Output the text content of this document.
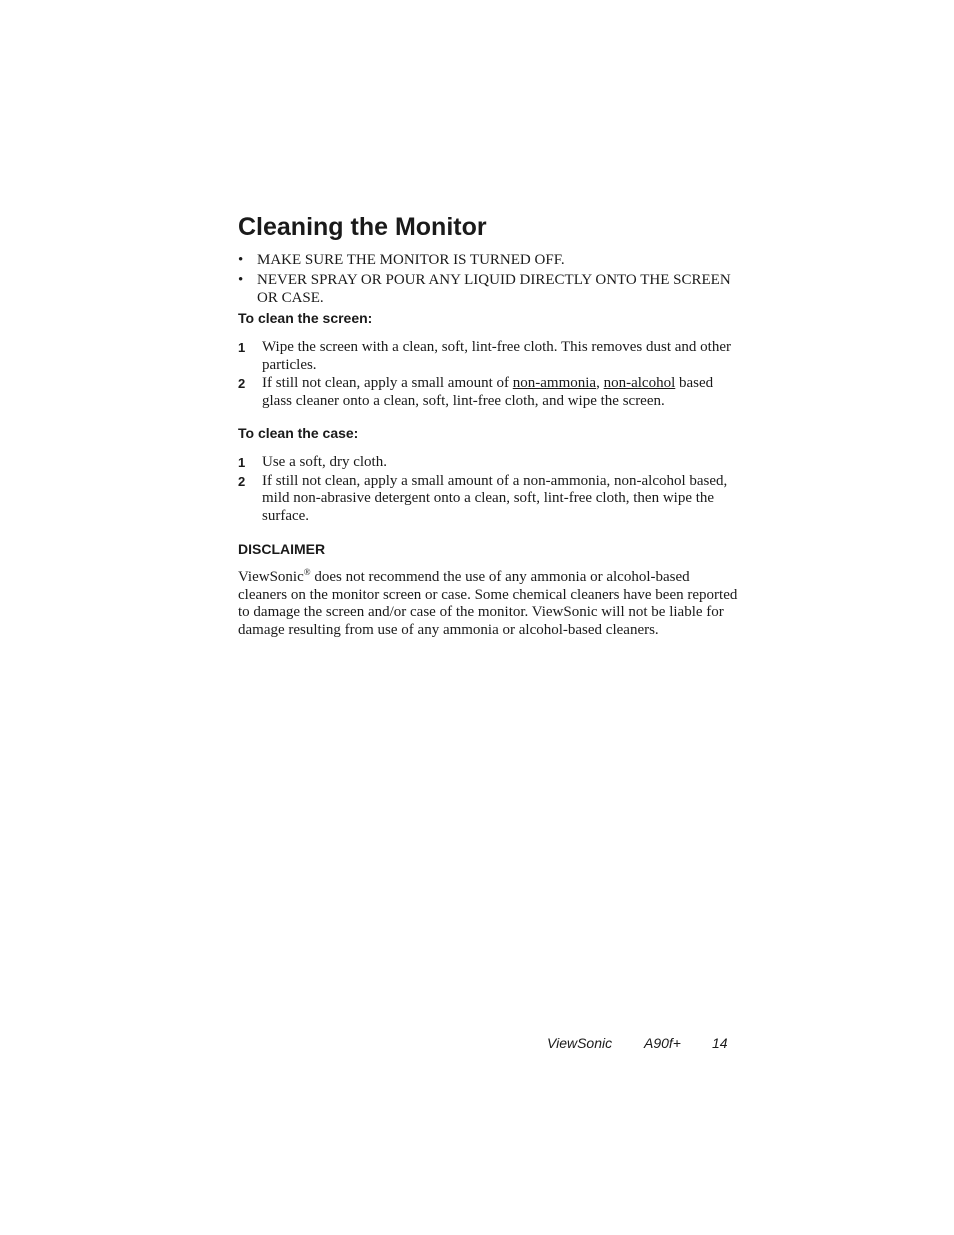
Cleaning the Monitor
• MAKE SURE THE MONITOR IS TURNED OFF.
• NEVER SPRAY OR POUR ANY LIQUID DIRECTLY ONTO THE SCREEN OR CASE.
To clean the screen:
1 Wipe the screen with a clean, soft, lint-free cloth. This removes dust and other particles.
2 If still not clean, apply a small amount of non-ammonia, non-alcohol based glass cleaner onto a clean, soft, lint-free cloth, and wipe the screen.
To clean the case:
1 Use a soft, dry cloth.
2 If still not clean, apply a small amount of a non-ammonia, non-alcohol based, mild non-abrasive detergent onto a clean, soft, lint-free cloth, then wipe the surface.
DISCLAIMER

ViewSonic® does not recommend the use of any ammonia or alcohol-based cleaners on the monitor screen or case. Some chemical cleaners have been reported to damage the screen and/or case of the monitor. ViewSonic will not be liable for damage resulting from use of any ammonia or alcohol-based cleaners.

ViewSonic A90f+ 14
